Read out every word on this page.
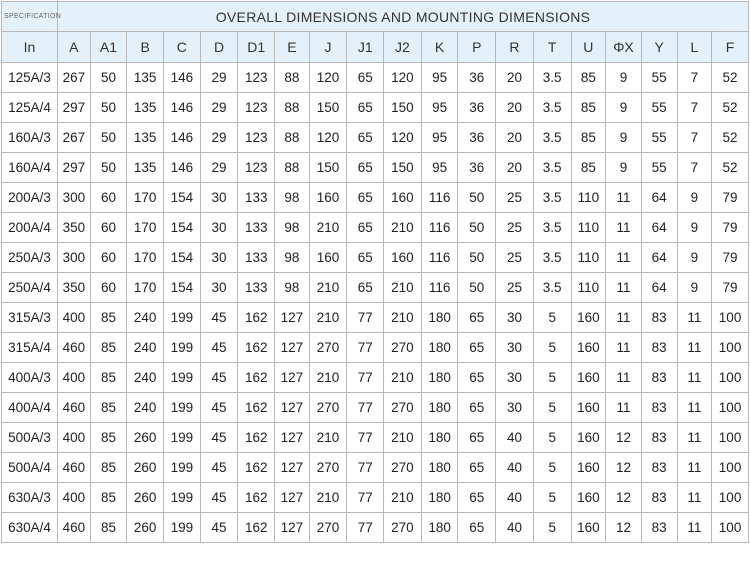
SPECIFICATION	OVERALL DIMENSIONS AND MOUNTING DIMENSIONS																		
In	A	A1	B	C	D	D1	E	J	J1	J2	K	P	R	T	U	ΦX	Y	L	F
125A/3	267	50	135	146	29	123	88	120	65	120	95	36	20	3.5	85	9	55	7	52
125A/4	297	50	135	146	29	123	88	150	65	150	95	36	20	3.5	85	9	55	7	52
160A/3	267	50	135	146	29	123	88	120	65	120	95	36	20	3.5	85	9	55	7	52
160A/4	297	50	135	146	29	123	88	150	65	150	95	36	20	3.5	85	9	55	7	52
200A/3	300	60	170	154	30	133	98	160	65	160	116	50	25	3.5	110	11	64	9	79
200A/4	350	60	170	154	30	133	98	210	65	210	116	50	25	3.5	110	11	64	9	79
250A/3	300	60	170	154	30	133	98	160	65	160	116	50	25	3.5	110	11	64	9	79
250A/4	350	60	170	154	30	133	98	210	65	210	116	50	25	3.5	110	11	64	9	79
315A/3	400	85	240	199	45	162	127	210	77	210	180	65	30	5	160	11	83	11	100
315A/4	460	85	240	199	45	162	127	270	77	270	180	65	30	5	160	11	83	11	100
400A/3	400	85	240	199	45	162	127	210	77	210	180	65	30	5	160	11	83	11	100
400A/4	460	85	240	199	45	162	127	270	77	270	180	65	30	5	160	11	83	11	100
500A/3	400	85	260	199	45	162	127	210	77	210	180	65	40	5	160	12	83	11	100
500A/4	460	85	260	199	45	162	127	270	77	270	180	65	40	5	160	12	83	11	100
630A/3	400	85	260	199	45	162	127	210	77	210	180	65	40	5	160	12	83	11	100
630A/4	460	85	260	199	45	162	127	270	77	270	180	65	40	5	160	12	83	11	100
